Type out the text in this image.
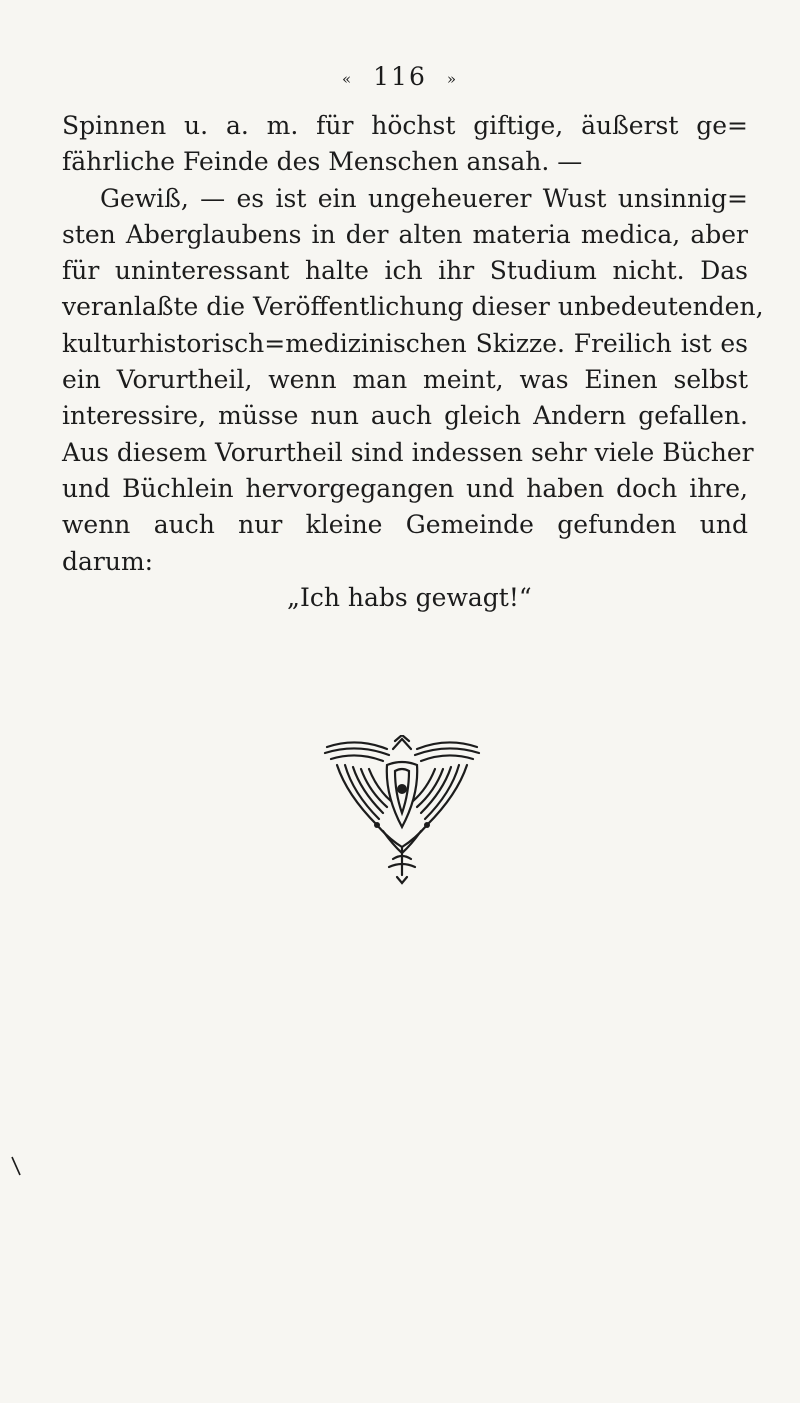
« 116 »
Spinnen u. a. m. für höchst giftige, äußerst ge=
fährliche Feinde des Menschen ansah. —
Gewiß, — es ist ein ungeheuerer Wust unsinnig=
sten Aberglaubens in der alten materia medica, aber
für uninteressant halte ich ihr Studium nicht. Das
veranlaßte die Veröffentlichung dieser unbedeutenden,
kulturhistorisch=medizinischen Skizze. Freilich ist es
ein Vorurtheil, wenn man meint, was Einen selbst
interessire, müsse nun auch gleich Andern gefallen.
Aus diesem Vorurtheil sind indessen sehr viele Bücher
und Büchlein hervorgegangen und haben doch ihre,
wenn auch nur kleine Gemeinde gefunden und
darum:
„Ich habs gewagt!“
